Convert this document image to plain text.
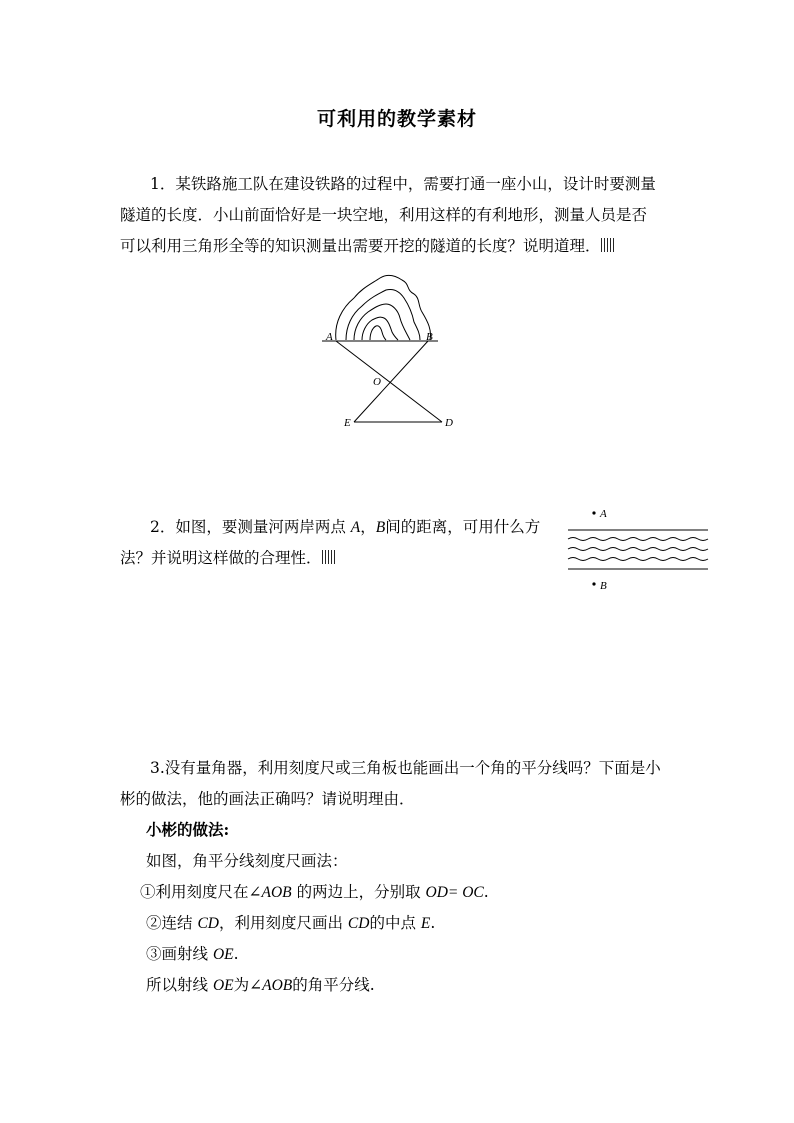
可利用的教学素材
1．某铁路施工队在建设铁路的过程中，需要打通一座小山，设计时要测量
隧道的长度．小山前面恰好是一块空地，利用这样的有利地形，测量人员是否
可以利用三角形全等的知识测量出需要开挖的隧道的长度？说明道理．
A	B
O
E	D
2．如图，要测量河两岸两点 A，B间的距离，可用什么方
法？并说明这样做的合理性．
A
B
3.没有量角器，利用刻度尺或三角板也能画出一个角的平分线吗？下面是小
彬的做法，他的画法正确吗？请说明理由．
小彬的做法:
如图，角平分线刻度尺画法：
①利用刻度尺在∠AOB 的两边上，分别取 OD= OC.
②连结 CD，利用刻度尺画出 CD的中点 E.
③画射线 OE.
所以射线 OE为∠AOB的角平分线.
